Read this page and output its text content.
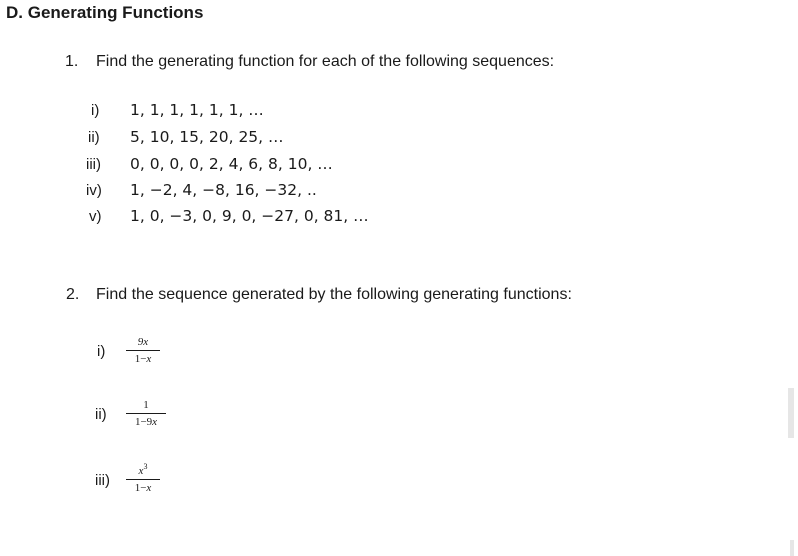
D. Generating Functions
1. Find the generating function for each of the following sequences:
i) 1, 1, 1, 1, 1, 1, …
ii) 5, 10, 15, 20, 25, …
iii) 0, 0, 0, 0, 2, 4, 6, 8, 10, …
iv) 1, −2, 4, −8, 16, −32, ..
v) 1, 0, −3, 0, 9, 0, −27, 0, 81, …
2. Find the sequence generated by the following generating functions:
i)
9x
1−x
ii)
1
1−9x
iii)
$x^3$
1−x
